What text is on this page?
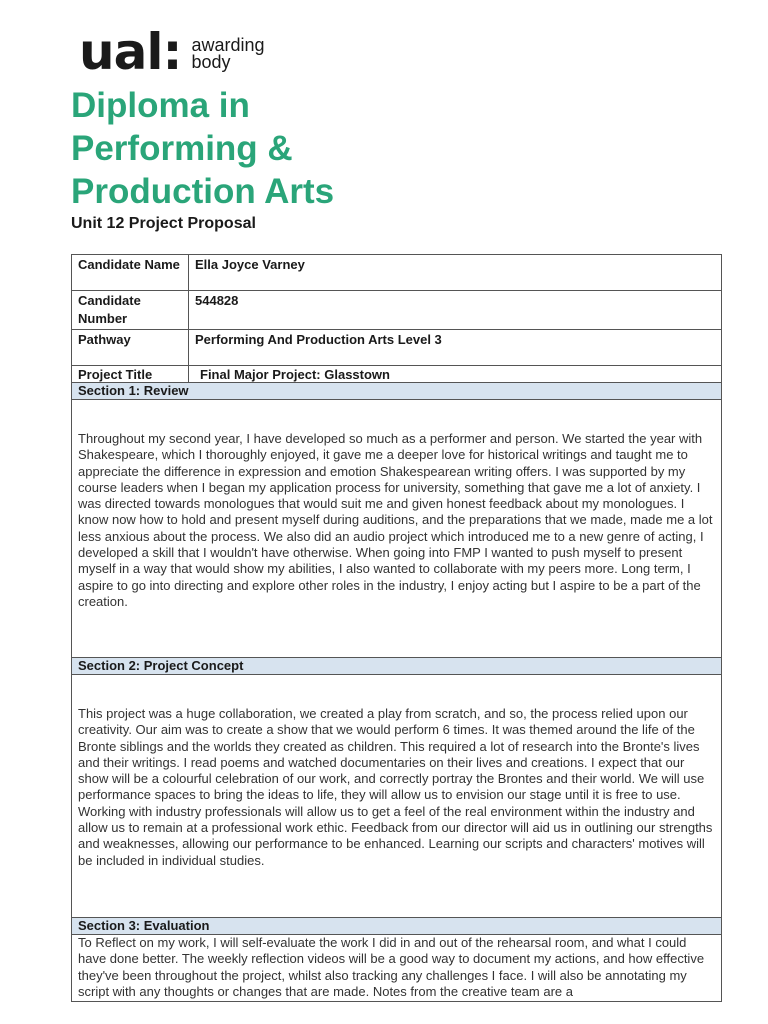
ual: awarding
body
Diploma in
Performing &
Production Arts
Unit 12 Project Proposal
Candidate Name	Ella Joyce Varney
Candidate Number	544828
Pathway	Performing And Production Arts Level 3
Project Title	Final Major Project: Glasstown
Section 1: Review	
Throughout my second year, I have developed so much as a performer and person. We started the year with Shakespeare, which I thoroughly enjoyed, it gave me a deeper love for historical writings and taught me to appreciate the difference in expression and emotion Shakespearean writing offers. I was supported by my course leaders when I began my application process for university, something that gave me a lot of anxiety. I was directed towards monologues that would suit me and given honest feedback about my monologues. I know now how to hold and present myself during auditions, and the preparations that we made, made me a lot less anxious about the process. We also did an audio project which introduced me to a new genre of acting, I developed a skill that I wouldn't have otherwise. When going into FMP I wanted to push myself to present myself in a way that would show my abilities, I also wanted to collaborate with my peers more. Long term, I aspire to go into directing and explore other roles in the industry, I enjoy acting but I aspire to be a part of the creation.	
Section 2: Project Concept	
This project was a huge collaboration, we created a play from scratch, and so, the process relied upon our creativity. Our aim was to create a show that we would perform 6 times. It was themed around the life of the Bronte siblings and the worlds they created as children. This required a lot of research into the Bronte's lives and their writings. I read poems and watched documentaries on their lives and creations. I expect that our show will be a colourful celebration of our work, and correctly portray the Brontes and their world. We will use performance spaces to bring the ideas to life, they will allow us to envision our stage until it is free to use. Working with industry professionals will allow us to get a feel of the real environment within the industry and allow us to remain at a professional work ethic. Feedback from our director will aid us in outlining our strengths and weaknesses, allowing our performance to be enhanced. Learning our scripts and characters' motives will be included in individual studies.	
Section 3: Evaluation	
To Reflect on my work, I will self-evaluate the work I did in and out of the rehearsal room, and what I could have done better. The weekly reflection videos will be a good way to document my actions, and how effective they've been throughout the project, whilst also tracking any challenges I face. I will also be annotating my script with any thoughts or changes that are made. Notes from the creative team are a	
